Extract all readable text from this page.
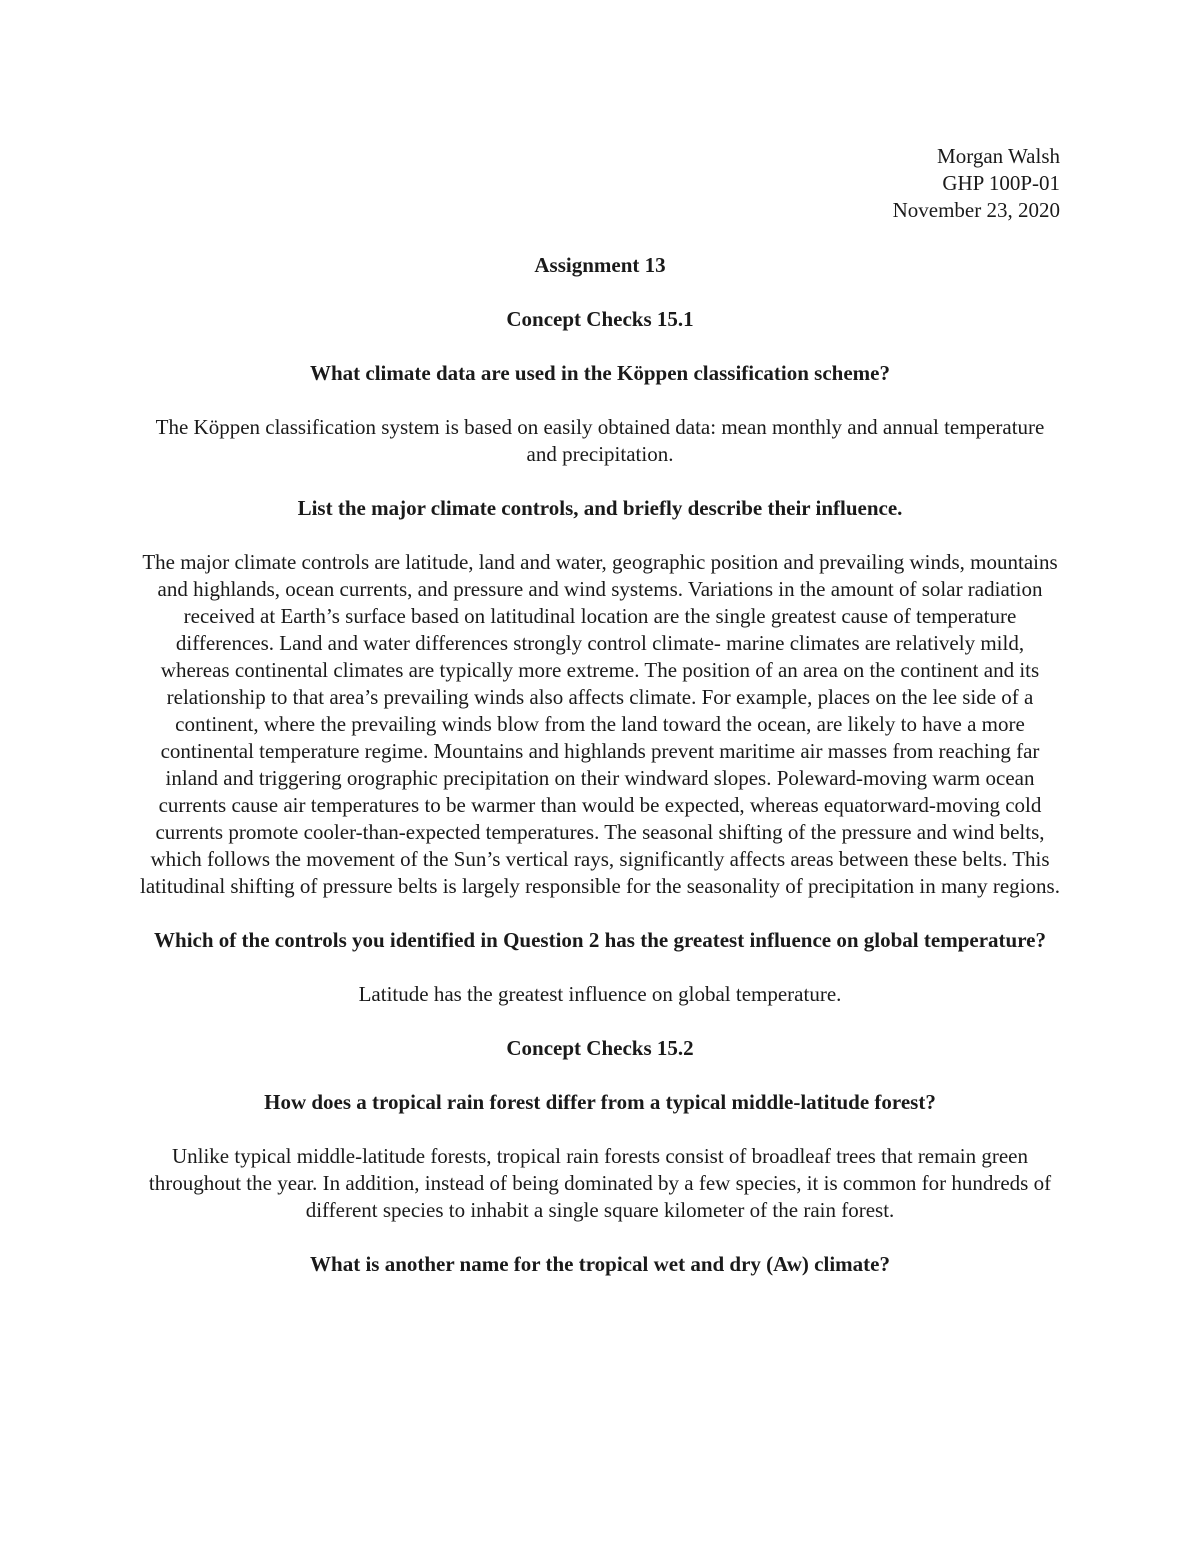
Morgan Walsh
GHP 100P-01
November 23, 2020
Assignment 13
Concept Checks 15.1
What climate data are used in the Köppen classification scheme?
The Köppen classification system is based on easily obtained data: mean monthly and annual temperature and precipitation.
List the major climate controls, and briefly describe their influence.
The major climate controls are latitude, land and water, geographic position and prevailing winds, mountains and highlands, ocean currents, and pressure and wind systems. Variations in the amount of solar radiation received at Earth’s surface based on latitudinal location are the single greatest cause of temperature differences. Land and water differences strongly control climate- marine climates are relatively mild, whereas continental climates are typically more extreme. The position of an area on the continent and its relationship to that area’s prevailing winds also affects climate. For example, places on the lee side of a continent, where the prevailing winds blow from the land toward the ocean, are likely to have a more continental temperature regime. Mountains and highlands prevent maritime air masses from reaching far inland and triggering orographic precipitation on their windward slopes. Poleward-moving warm ocean currents cause air temperatures to be warmer than would be expected, whereas equatorward-moving cold currents promote cooler-than-expected temperatures. The seasonal shifting of the pressure and wind belts, which follows the movement of the Sun’s vertical rays, significantly affects areas between these belts. This latitudinal shifting of pressure belts is largely responsible for the seasonality of precipitation in many regions.
Which of the controls you identified in Question 2 has the greatest influence on global temperature?
Latitude has the greatest influence on global temperature.
Concept Checks 15.2
How does a tropical rain forest differ from a typical middle-latitude forest?
Unlike typical middle-latitude forests, tropical rain forests consist of broadleaf trees that remain green throughout the year. In addition, instead of being dominated by a few species, it is common for hundreds of different species to inhabit a single square kilometer of the rain forest.
What is another name for the tropical wet and dry (Aw) climate?
